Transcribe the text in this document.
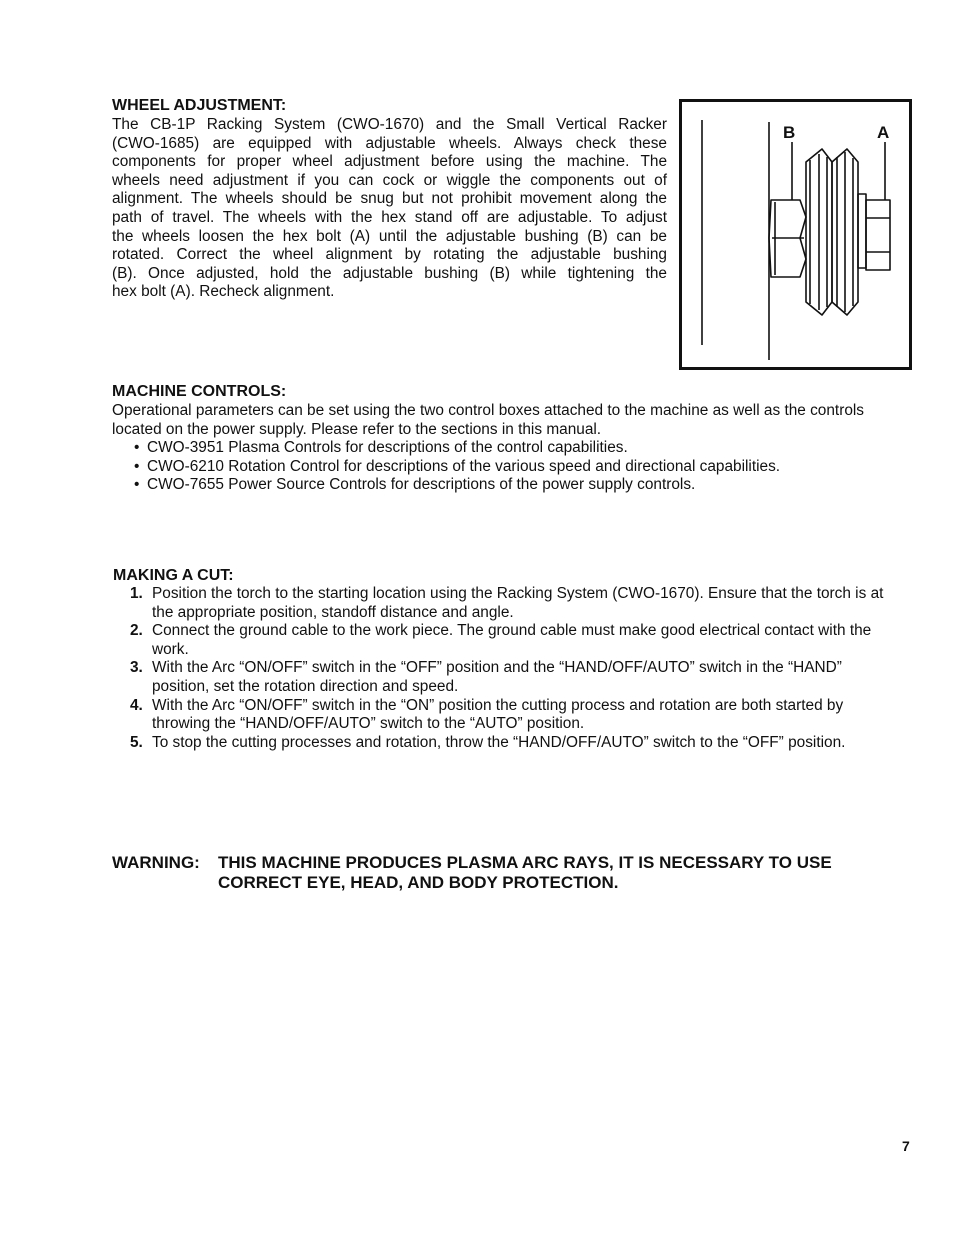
WHEEL ADJUSTMENT:
The CB-1P Racking System (CWO-1670) and the Small Vertical Racker
(CWO-1685) are equipped with adjustable wheels. Always check these
components for proper wheel adjustment before using the machine. The
wheels need adjustment if you can cock or wiggle the components out of
alignment. The wheels should be snug but not prohibit movement along the
path of travel. The wheels with the hex stand off are adjustable. To adjust
the wheels loosen the hex bolt (A) until the adjustable bushing (B) can be
rotated. Correct the wheel alignment by rotating the adjustable bushing
(B). Once adjusted, hold the adjustable bushing (B) while tightening the
hex bolt (A). Recheck alignment.
B	A
MACHINE CONTROLS:
Operational parameters can be set using the two control boxes attached to the machine as well as the controls located on the power supply. Please refer to the sections in this manual.
• CWO-3951 Plasma Controls for descriptions of the control capabilities.
• CWO-6210 Rotation Control for descriptions of the various speed and directional capabilities.
• CWO-7655 Power Source Controls for descriptions of the power supply controls.
MAKING A CUT:
1. Position the torch to the starting location using the Racking System (CWO-1670). Ensure that the torch is at the appropriate position, standoff distance and angle.
2. Connect the ground cable to the work piece. The ground cable must make good electrical contact with the work.
3. With the Arc “ON/OFF” switch in the “OFF” position and the “HAND/OFF/AUTO” switch in the “HAND” position, set the rotation direction and speed.
4. With the Arc “ON/OFF” switch in the “ON” position the cutting process and rotation are both started by throwing the “HAND/OFF/AUTO” switch to the “AUTO” position.
5. To stop the cutting processes and rotation, throw the “HAND/OFF/AUTO” switch to the “OFF” position.
WARNING: THIS MACHINE PRODUCES PLASMA ARC RAYS, IT IS NECESSARY TO USE CORRECT EYE, HEAD, AND BODY PROTECTION.
7
